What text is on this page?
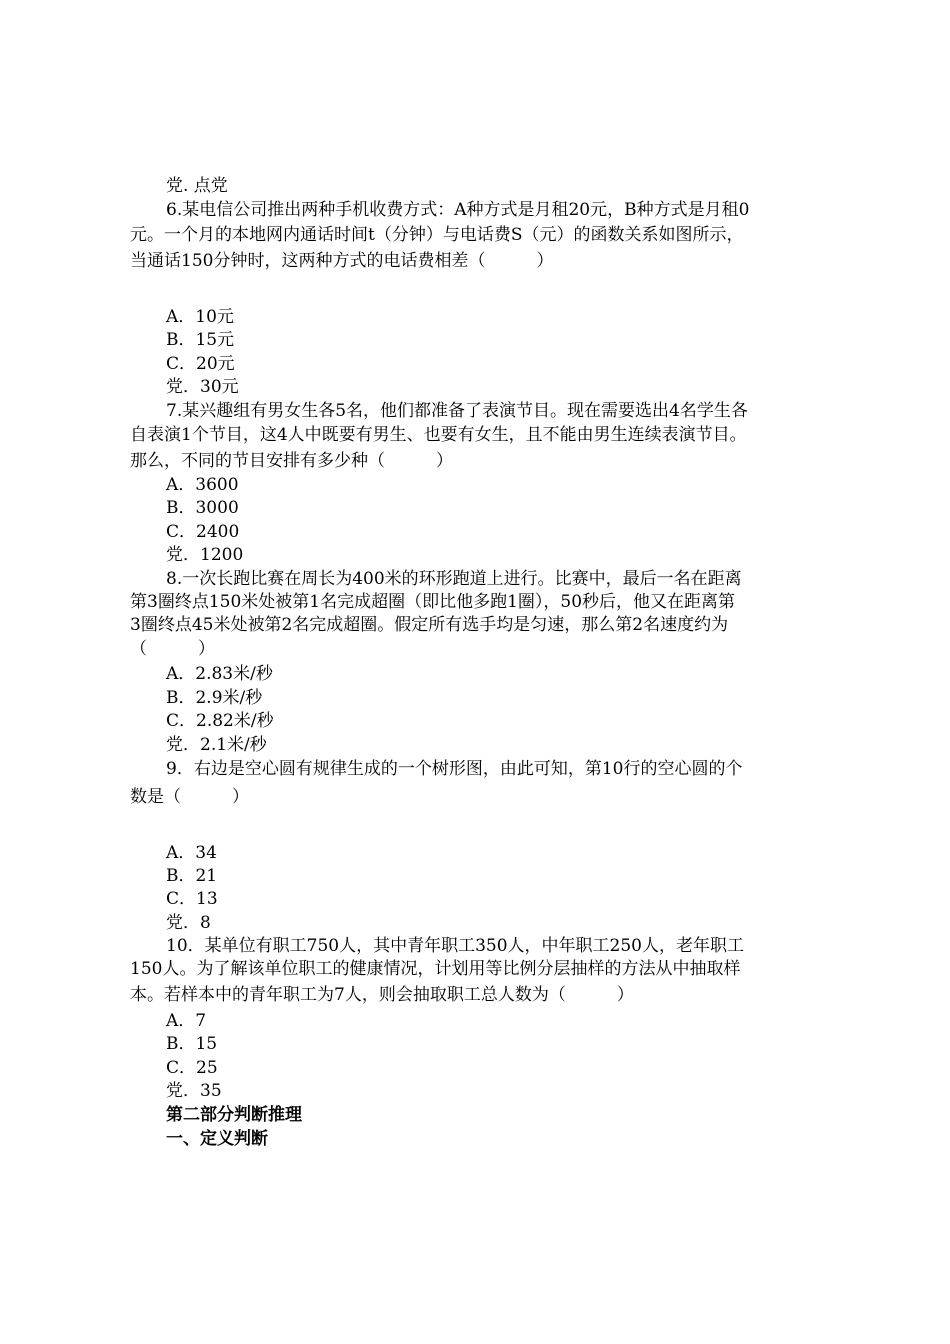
党. 点党
6.某电信公司推出两种手机收费方式：A种方式是月租20元，B种方式是月租0
元。一个月的本地网内通话时间t（分钟）与电话费S（元）的函数关系如图所示，
当通话150分钟时，这两种方式的电话费相差（　　　）
A．10元
B．15元
C．20元
党．30元
7.某兴趣组有男女生各5名，他们都准备了表演节目。现在需要选出4名学生各
自表演1个节目，这4人中既要有男生、也要有女生，且不能由男生连续表演节目。
那么，不同的节目安排有多少种（　　　）
A．3600
B．3000
C．2400
党．1200
8.一次长跑比赛在周长为400米的环形跑道上进行。比赛中，最后一名在距离
第3圈终点150米处被第1名完成超圈（即比他多跑1圈），50秒后，他又在距离第
3圈终点45米处被第2名完成超圈。假定所有选手均是匀速，那么第2名速度约为
（　　　）
A．2.83米/秒
B．2.9米/秒
C．2.82米/秒
党．2.1米/秒
9．右边是空心圆有规律生成的一个树形图，由此可知，第10行的空心圆的个
数是（　　　）
A．34
B．21
C．13
党．8
10．某单位有职工750人，其中青年职工350人，中年职工250人，老年职工
150人。为了解该单位职工的健康情况，计划用等比例分层抽样的方法从中抽取样
本。若样本中的青年职工为7人，则会抽取职工总人数为（　　　）
A．7
B．15
C．25
党．35
第二部分判断推理
一、定义判断
